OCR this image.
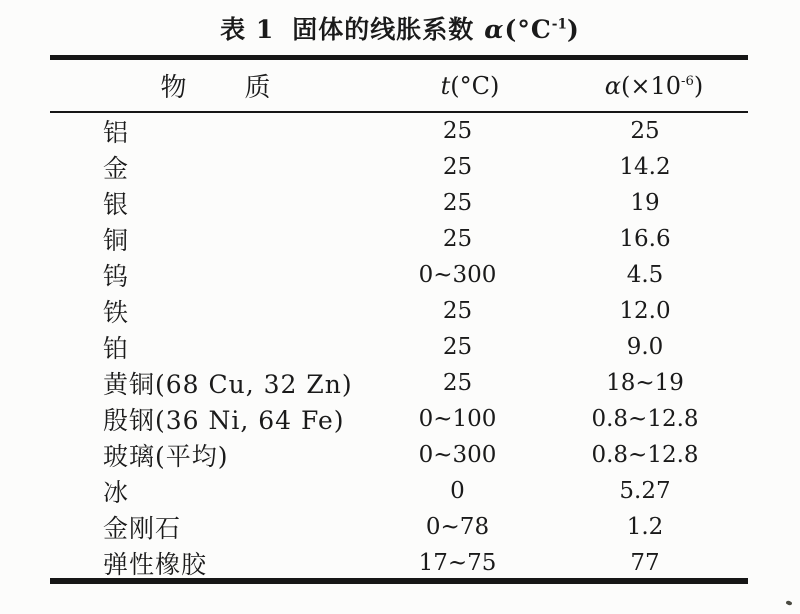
表 1 固体的线胀系数 $\alpha(^\circ C^{-1})$
物　　质	t(°C)	$\alpha(\times 10^{-6})$
铝	25	25
金	25	14.2
银	25	19
铜	25	16.6
钨	0~300	4.5
铁	25	12.0
铂	25	9.0
黄铜(68 Cu, 32 Zn)	25	18~19
殷钢(36 Ni, 64 Fe)	0~100	0.8~12.8
玻璃(平均)	0~300	0.8~12.8
冰	0	5.27
金刚石	0~78	1.2
弹性橡胶	17~75	77
